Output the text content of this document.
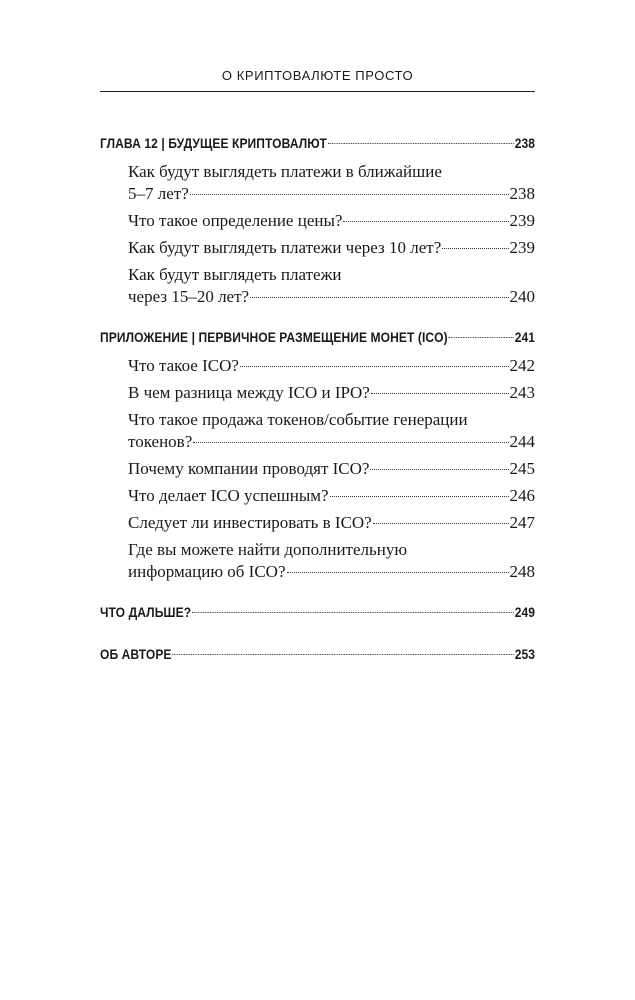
О КРИПТОВАЛЮТЕ ПРОСТО
ГЛАВА 12 | БУДУЩЕЕ КРИПТОВАЛЮТ	238
Как будут выглядеть платежи в ближайшие
5–7 лет?	238
Что такое определение цены?	239
Как будут выглядеть платежи через 10 лет?	239
Как будут выглядеть платежи
через 15–20 лет?	240
ПРИЛОЖЕНИЕ | ПЕРВИЧНОЕ РАЗМЕЩЕНИЕ МОНЕТ (ICO)	241
Что такое ICO?	242
В чем разница между ICO и IPO?	243
Что такое продажа токенов/событие генерации
токенов?	244
Почему компании проводят ICO?	245
Что делает ICO успешным?	246
Следует ли инвестировать в ICO?	247
Где вы можете найти дополнительную
информацию об ICO?	248
ЧТО ДАЛЬШЕ?	249
ОБ АВТОРЕ	253
